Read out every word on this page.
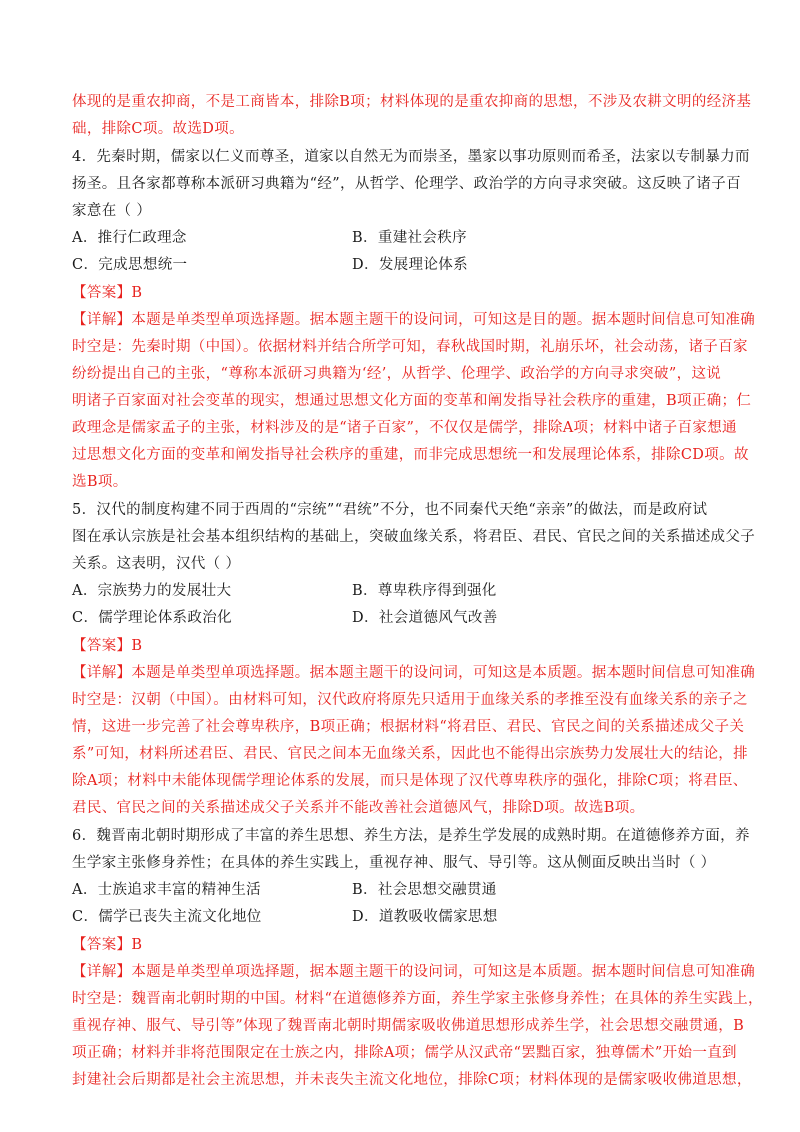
体现的是重农抑商，不是工商皆本，排除B项；材料体现的是重农抑商的思想，不涉及农耕文明的经济基
础，排除C项。故选D项。
4．先秦时期，儒家以仁义而尊圣，道家以自然无为而崇圣，墨家以事功原则而希圣，法家以专制暴力而
扬圣。且各家都尊称本派研习典籍为“经”，从哲学、伦理学、政治学的方向寻求突破。这反映了诸子百
家意在（ ）
A．推行仁政理念	B．重建社会秩序
C．完成思想统一	D．发展理论体系
【答案】B
【详解】本题是单类型单项选择题。据本题主题干的设问词，可知这是目的题。据本题时间信息可知准确
时空是：先秦时期（中国）。依据材料并结合所学可知，春秋战国时期，礼崩乐坏，社会动荡，诸子百家
纷纷提出自己的主张，“尊称本派研习典籍为‘经’，从哲学、伦理学、政治学的方向寻求突破”，这说
明诸子百家面对社会变革的现实，想通过思想文化方面的变革和阐发指导社会秩序的重建，B项正确；仁
政理念是儒家孟子的主张，材料涉及的是“诸子百家”，不仅仅是儒学，排除A项；材料中诸子百家想通
过思想文化方面的变革和阐发指导社会秩序的重建，而非完成思想统一和发展理论体系，排除CD项。故
选B项。
5．汉代的制度构建不同于西周的“宗统”“君统”不分，也不同秦代天绝“亲亲”的做法，而是政府试
图在承认宗族是社会基本组织结构的基础上，突破血缘关系，将君臣、君民、官民之间的关系描述成父子
关系。这表明，汉代（ ）
A．宗族势力的发展壮大	B．尊卑秩序得到强化
C．儒学理论体系政治化	D．社会道德风气改善
【答案】B
【详解】本题是单类型单项选择题。据本题主题干的设问词，可知这是本质题。据本题时间信息可知准确
时空是：汉朝（中国）。由材料可知，汉代政府将原先只适用于血缘关系的孝推至没有血缘关系的亲子之
情，这进一步完善了社会尊卑秩序，B项正确；根据材料“将君臣、君民、官民之间的关系描述成父子关
系”可知，材料所述君臣、君民、官民之间本无血缘关系，因此也不能得出宗族势力发展壮大的结论，排
除A项；材料中未能体现儒学理论体系的发展，而只是体现了汉代尊卑秩序的强化，排除C项；将君臣、
君民、官民之间的关系描述成父子关系并不能改善社会道德风气，排除D项。故选B项。
6．魏晋南北朝时期形成了丰富的养生思想、养生方法，是养生学发展的成熟时期。在道德修养方面，养
生学家主张修身养性；在具体的养生实践上，重视存神、服气、导引等。这从侧面反映出当时（ ）
A．士族追求丰富的精神生活	B．社会思想交融贯通
C．儒学已丧失主流文化地位	D．道教吸收儒家思想
【答案】B
【详解】本题是单类型单项选择题，据本题主题干的设问词，可知这是本质题。据本题时间信息可知准确
时空是：魏晋南北朝时期的中国。材料“在道德修养方面，养生学家主张修身养性；在具体的养生实践上，
重视存神、服气、导引等”体现了魏晋南北朝时期儒家吸收佛道思想形成养生学，社会思想交融贯通，B
项正确；材料并非将范围限定在士族之内，排除A项；儒学从汉武帝“罢黜百家，独尊儒术”开始一直到
封建社会后期都是社会主流思想，并未丧失主流文化地位，排除C项；材料体现的是儒家吸收佛道思想，
